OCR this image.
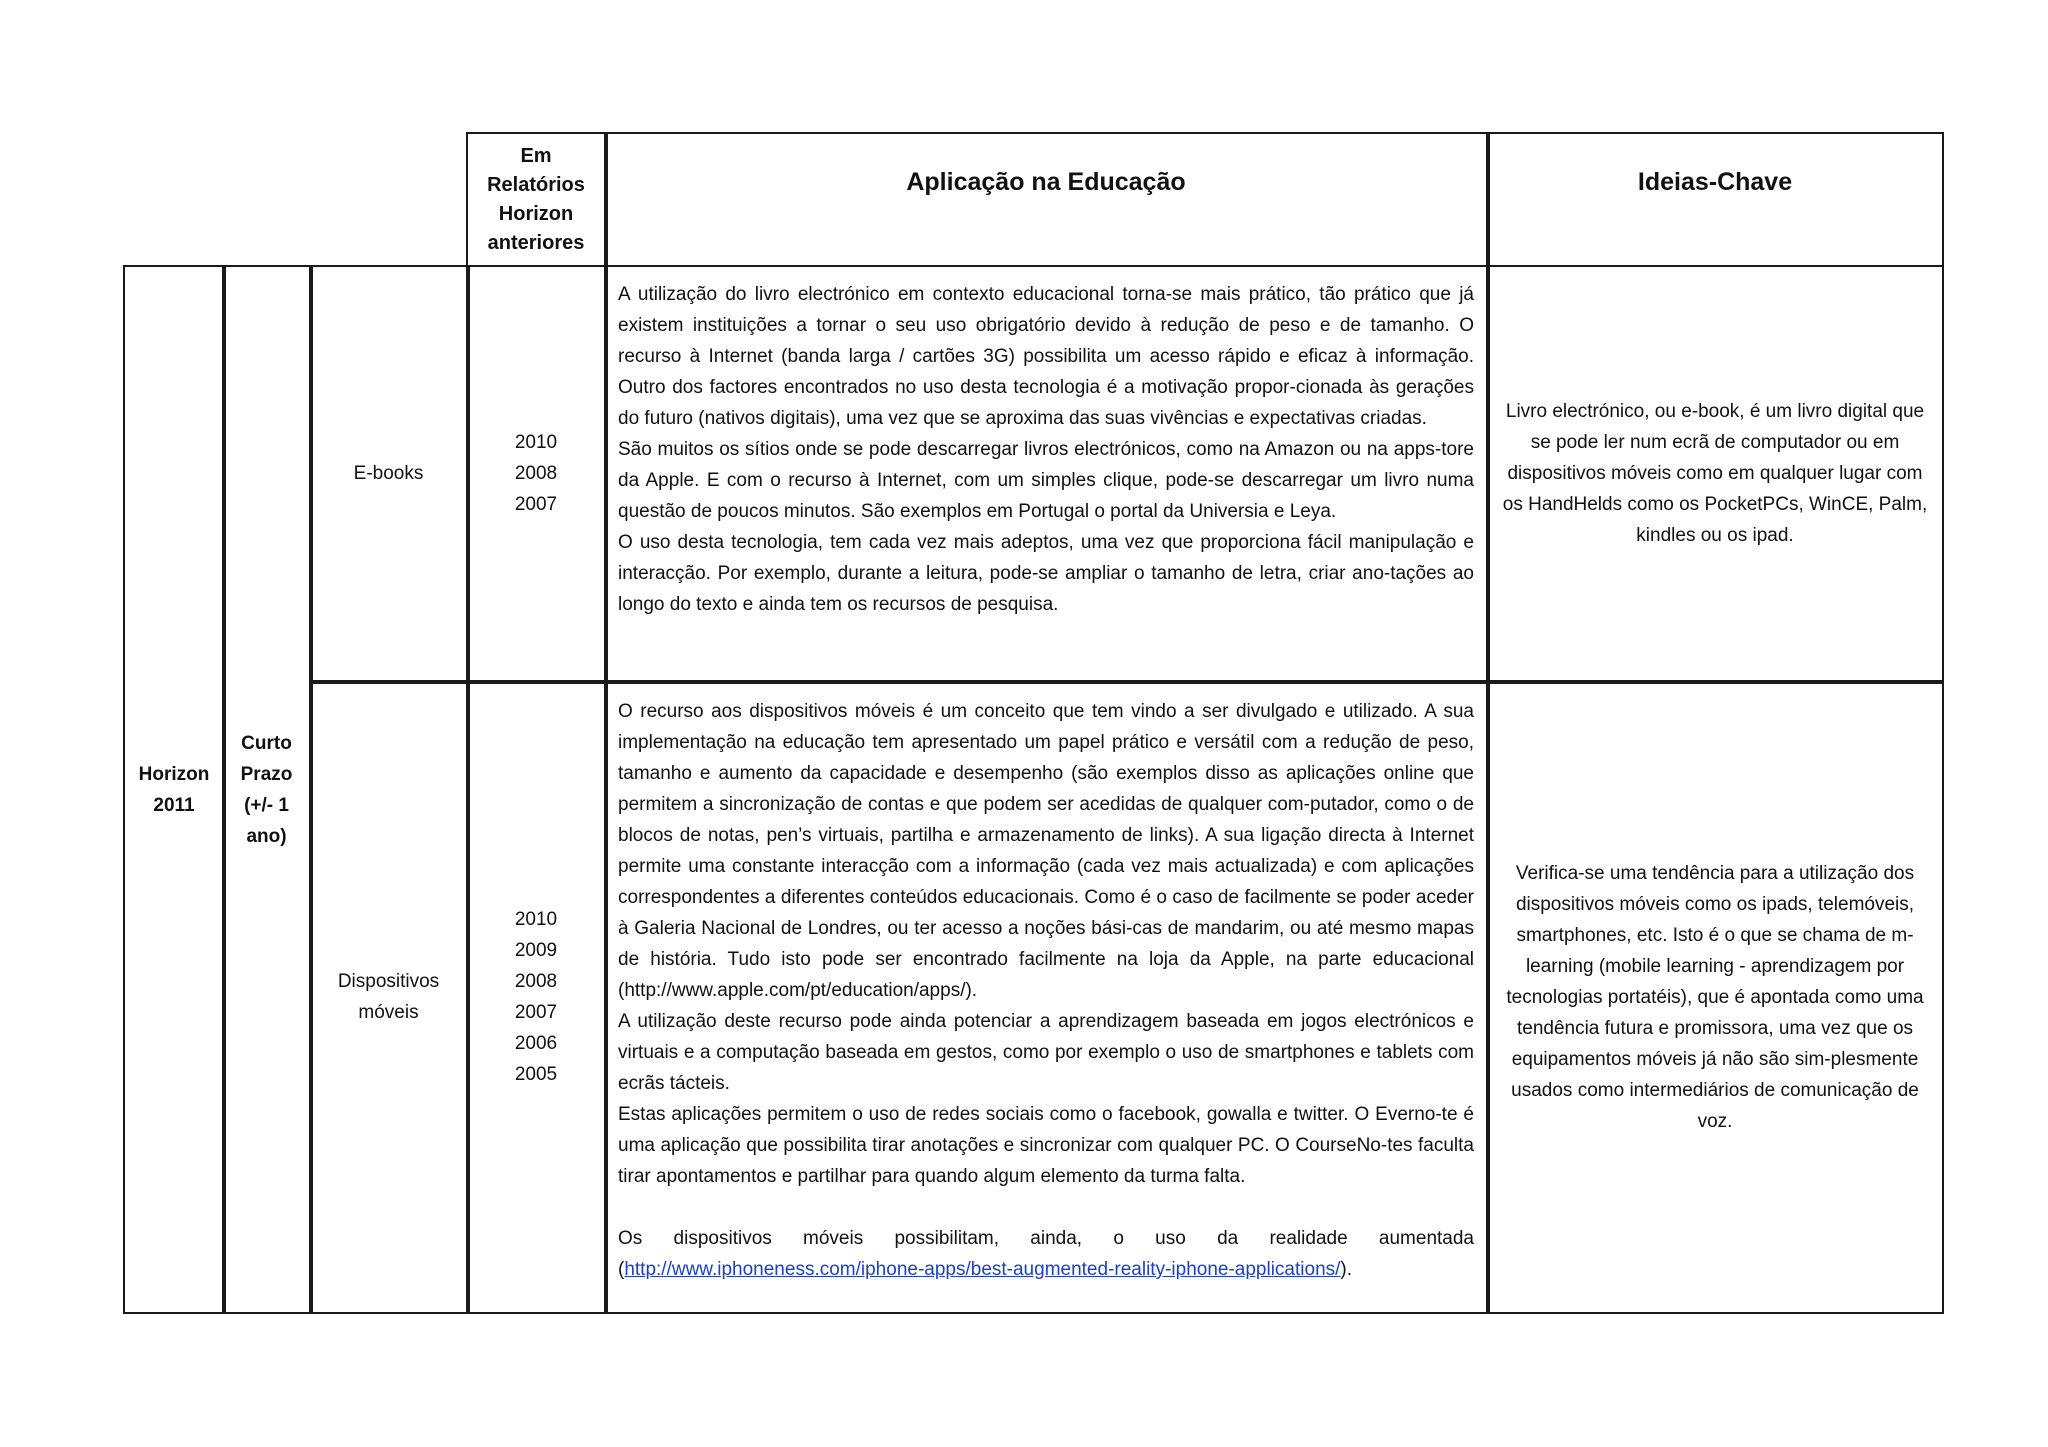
Em Relatórios Horizon anteriores
Aplicação na Educação	Ideias-Chave
Horizon 2011
Curto Prazo (+/- 1 ano)
E-books
2010
2008
2007

A utilização do livro electrónico em contexto educacional torna-se mais prático, tão prático que já existem instituições a tornar o seu uso obrigatório devido à redução de peso e de tamanho. O recurso à Internet (banda larga / cartões 3G) possibilita um acesso rápido e eficaz à informação. Outro dos factores encontrados no uso desta tecnologia é a motivação propor-cionada às gerações do futuro (nativos digitais), uma vez que se aproxima das suas vivências e expectativas criadas.

São muitos os sítios onde se pode descarregar livros electrónicos, como na Amazon ou na apps-tore da Apple. E com o recurso à Internet, com um simples clique, pode-se descarregar um livro numa questão de poucos minutos. São exemplos em Portugal o portal da Universia e Leya.

O uso desta tecnologia, tem cada vez mais adeptos, uma vez que proporciona fácil manipulação e interacção. Por exemplo, durante a leitura, pode-se ampliar o tamanho de letra, criar ano-tações ao longo do texto e ainda tem os recursos de pesquisa.

Livro electrónico, ou e-book, é um livro digital que se pode ler num ecrã de computador ou em dispositivos móveis como em qualquer lugar com os HandHelds como os PocketPCs, WinCE, Palm, kindles ou os ipad.
Dispositivos móveis
2010
2009
2008
2007
2006
2005

O recurso aos dispositivos móveis é um conceito que tem vindo a ser divulgado e utilizado. A sua implementação na educação tem apresentado um papel prático e versátil com a redução de peso, tamanho e aumento da capacidade e desempenho (são exemplos disso as aplicações online que permitem a sincronização de contas e que podem ser acedidas de qualquer com-putador, como o de blocos de notas, pen’s virtuais, partilha e armazenamento de links). A sua ligação directa à Internet permite uma constante interacção com a informação (cada vez mais actualizada) e com aplicações correspondentes a diferentes conteúdos educacionais. Como é o caso de facilmente se poder aceder à Galeria Nacional de Londres, ou ter acesso a noções bási-cas de mandarim, ou até mesmo mapas de história. Tudo isto pode ser encontrado facilmente na loja da Apple, na parte educacional (http://www.apple.com/pt/education/apps/).

A utilização deste recurso pode ainda potenciar a aprendizagem baseada em jogos electrónicos e virtuais e a computação baseada em gestos, como por exemplo o uso de smartphones e tablets com ecrãs tácteis.

Estas aplicações permitem o uso de redes sociais como o facebook, gowalla e twitter. O Everno-te é uma aplicação que possibilita tirar anotações e sincronizar com qualquer PC. O CourseNo-tes faculta tirar apontamentos e partilhar para quando algum elemento da turma falta.

Os dispositivos móveis possibilitam, ainda, o uso da realidade aumentada (http://www.iphoneness.com/iphone-apps/best-augmented-reality-iphone-applications/).

Verifica-se uma tendência para a utilização dos dispositivos móveis como os ipads, telemóveis, smartphones, etc. Isto é o que se chama de m-learning (mobile learning - aprendizagem por tecnologias portatéis), que é apontada como uma tendência futura e promissora, uma vez que os equipamentos móveis já não são sim-plesmente usados como intermediários de comunicação de voz.
